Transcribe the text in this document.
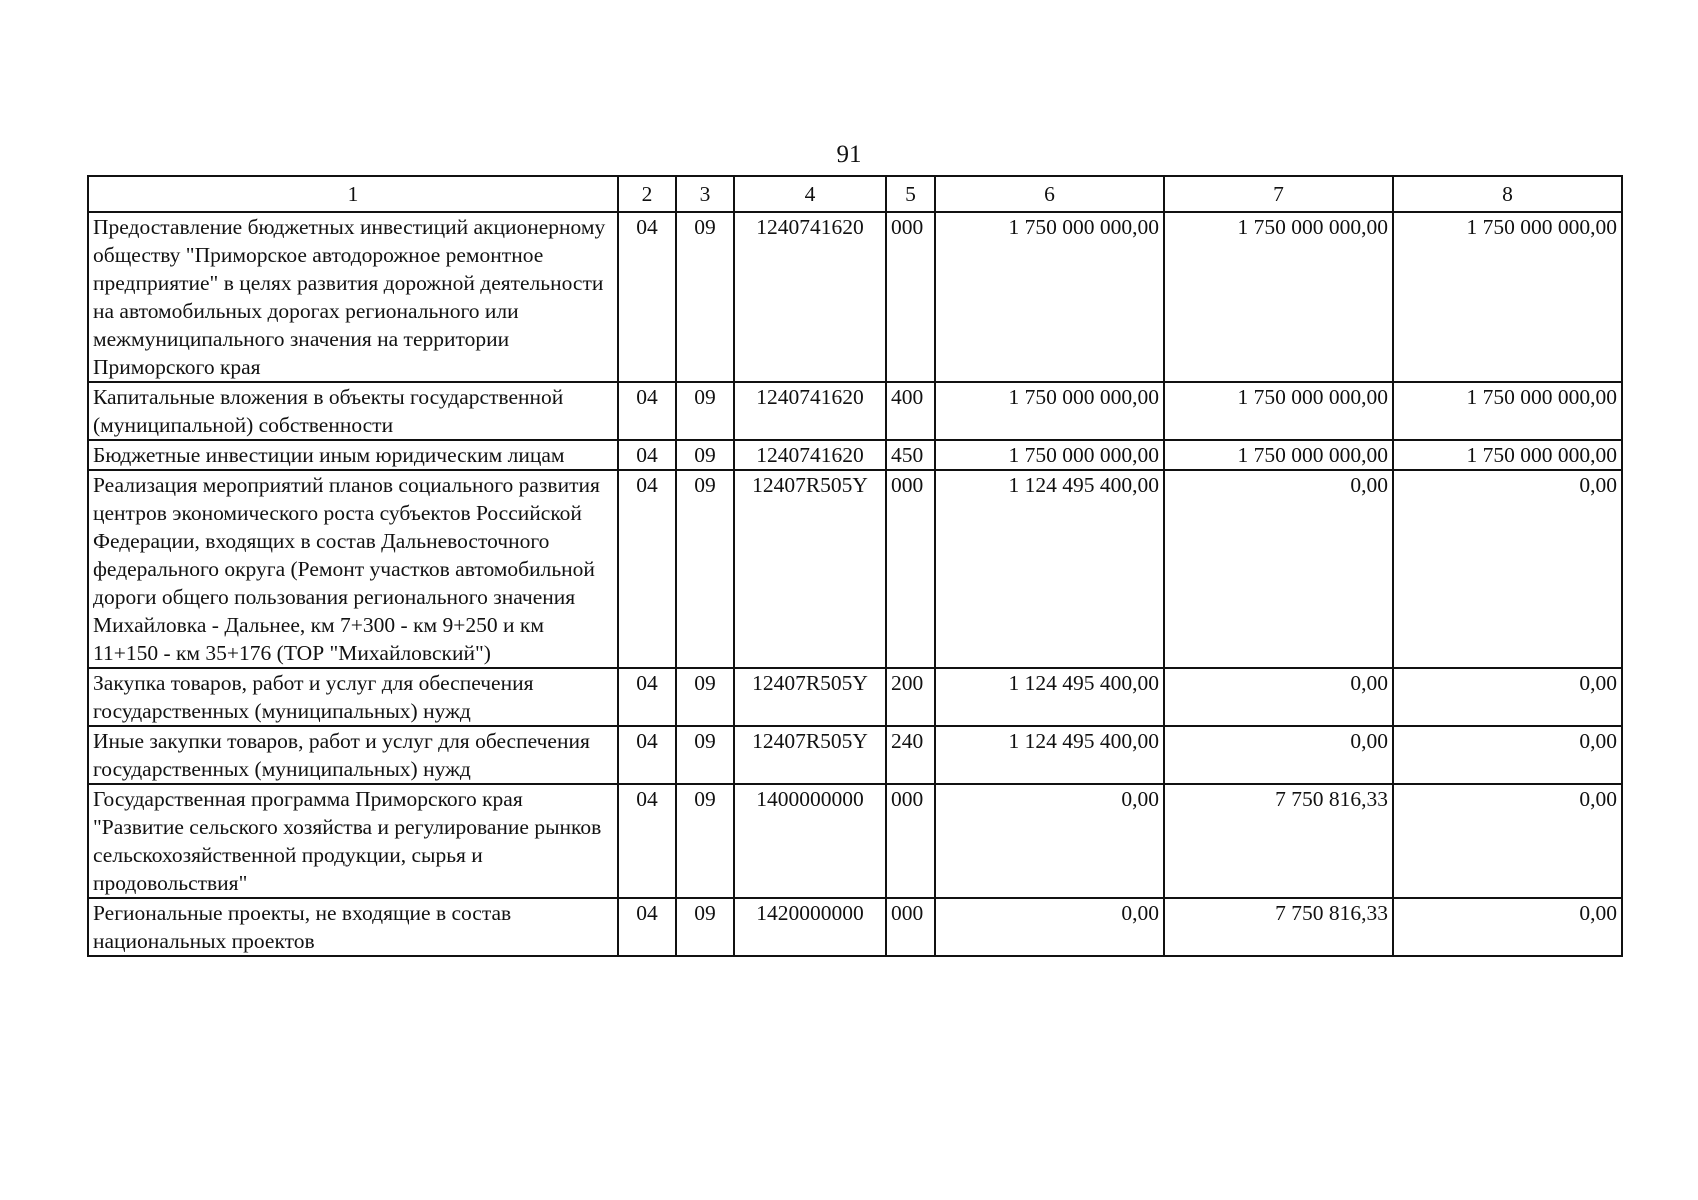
91
1	2	3	4	5	6	7	8
Предоставление бюджетных инвестиций акционерному обществу "Приморское автодорожное ремонтное предприятие" в целях развития дорожной деятельности на автомобильных дорогах регионального или межмуниципального значения на территории Приморского края	04	09	1240741620	000	1 750 000 000,00	1 750 000 000,00	1 750 000 000,00
Капитальные вложения в объекты государственной (муниципальной) собственности	04	09	1240741620	400	1 750 000 000,00	1 750 000 000,00	1 750 000 000,00
Бюджетные инвестиции иным юридическим лицам	04	09	1240741620	450	1 750 000 000,00	1 750 000 000,00	1 750 000 000,00
Реализация мероприятий планов социального развития центров экономического роста субъектов Российской Федерации, входящих в состав Дальневосточного федерального округа (Ремонт участков автомобильной дороги общего пользования регионального значения Михайловка - Дальнее, км 7+300 - км 9+250 и км 11+150 - км 35+176 (ТОР "Михайловский")	04	09	12407R505Y	000	1 124 495 400,00	0,00	0,00
Закупка товаров, работ и услуг для обеспечения государственных (муниципальных) нужд	04	09	12407R505Y	200	1 124 495 400,00	0,00	0,00
Иные закупки товаров, работ и услуг для обеспечения государственных (муниципальных) нужд	04	09	12407R505Y	240	1 124 495 400,00	0,00	0,00
Государственная программа Приморского края "Развитие сельского хозяйства и регулирование рынков сельскохозяйственной продукции, сырья и продовольствия"	04	09	1400000000	000	0,00	7 750 816,33	0,00
Региональные проекты, не входящие в состав национальных проектов	04	09	1420000000	000	0,00	7 750 816,33	0,00
